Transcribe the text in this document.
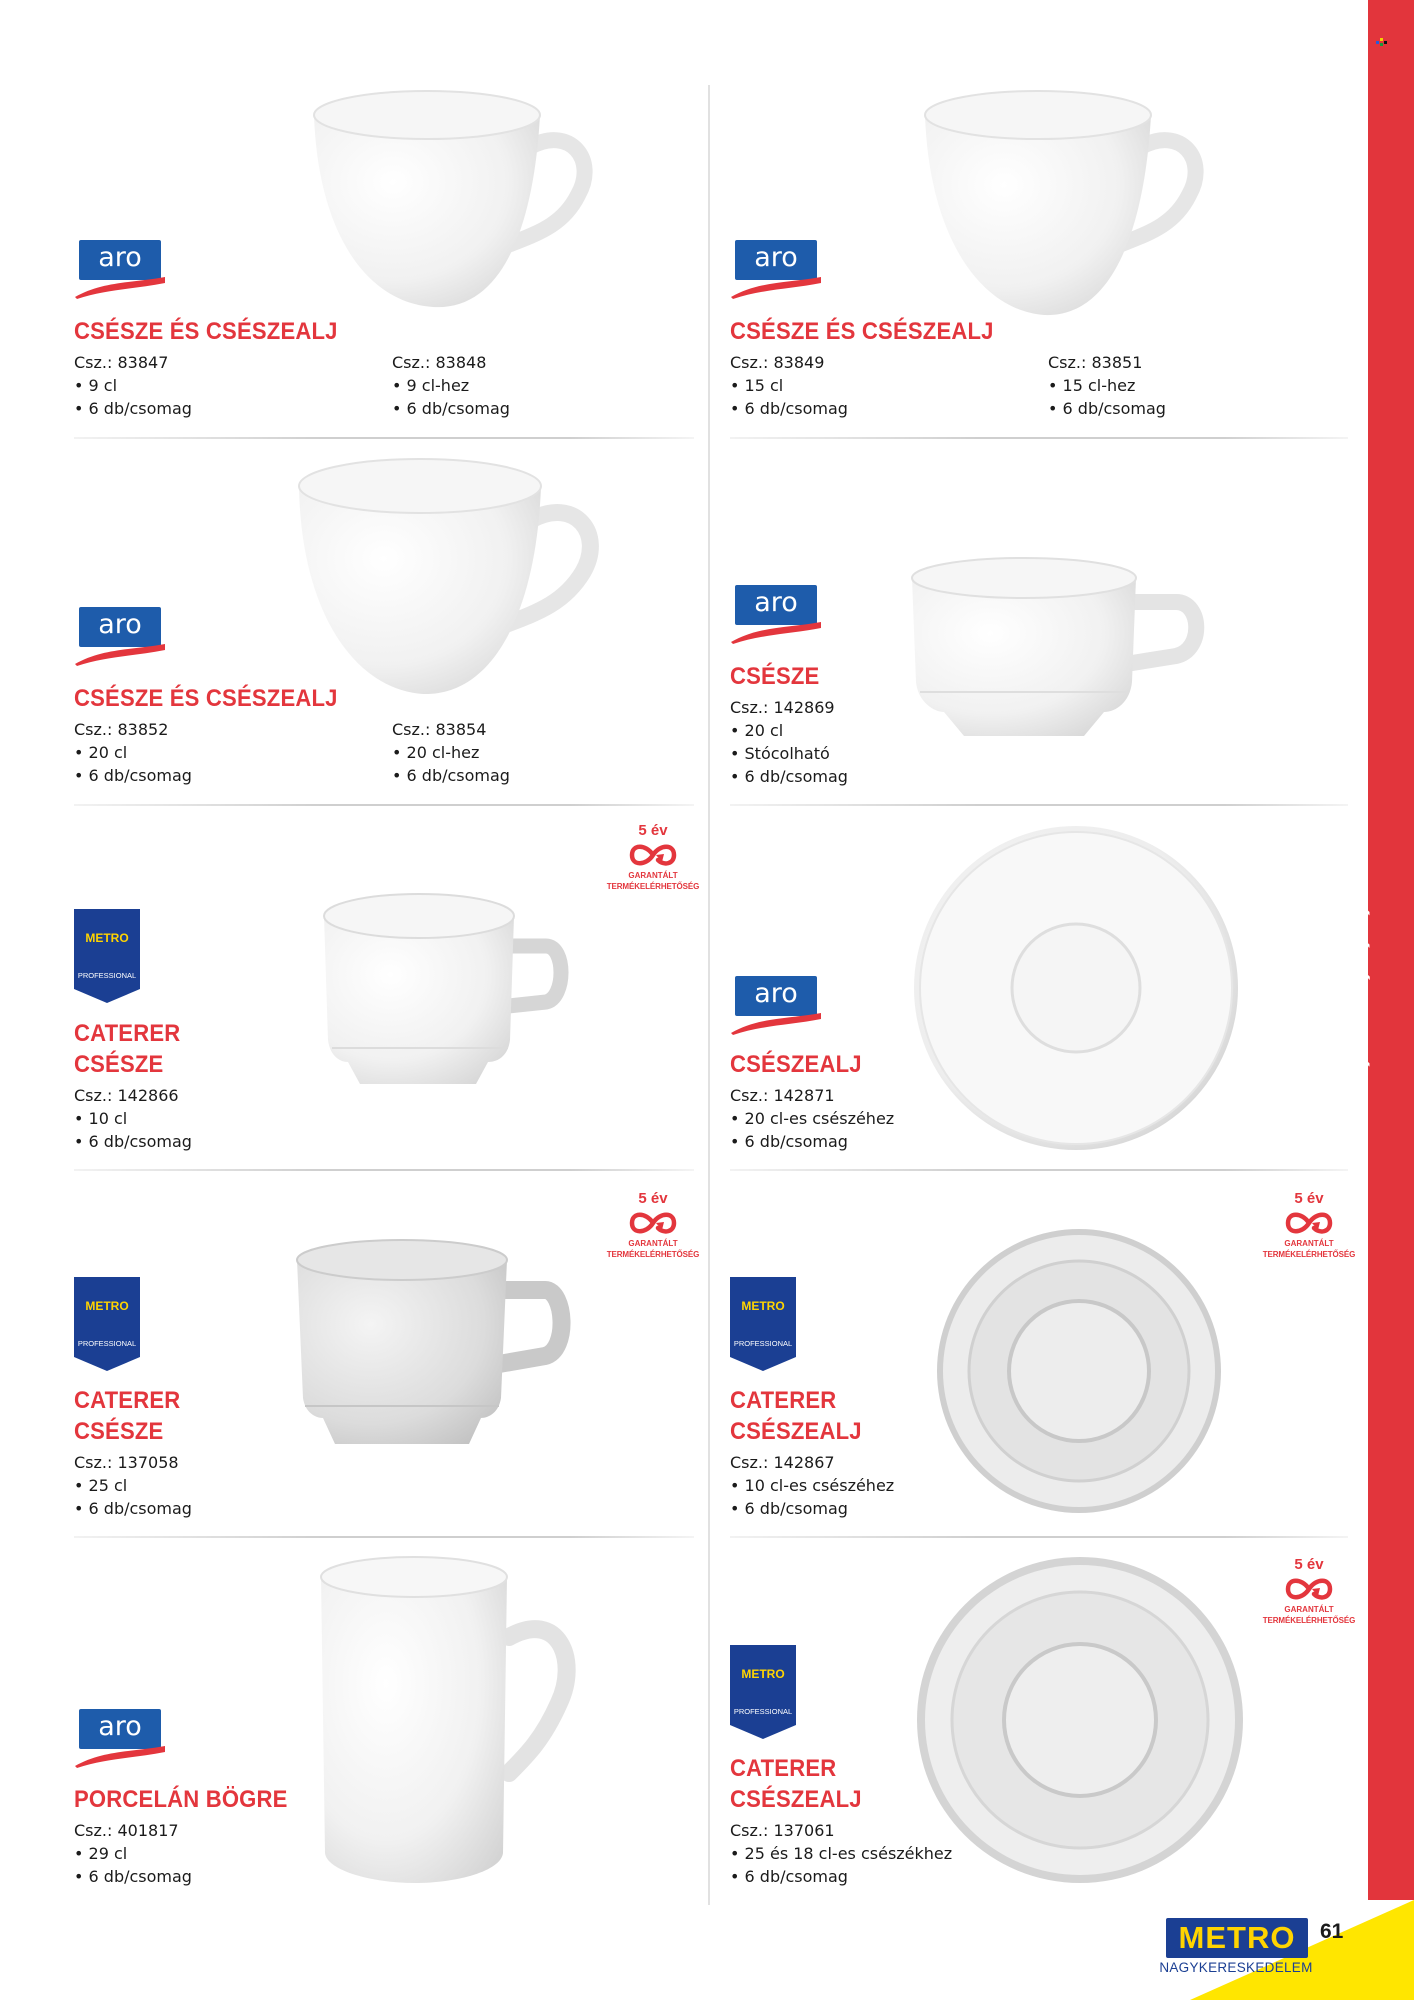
KÁVÉZÓ KELLÉKEKE
METRO
NAGYKERESKEDELEM
61
aro
CSÉSZE ÉS CSÉSZEALJ
Csz.: 83847
• 9 cl
• 6 db/csomag
Csz.: 83848
• 9 cl-hez
• 6 db/csomag
aro
CSÉSZE ÉS CSÉSZEALJ
Csz.: 83849
• 15 cl
• 6 db/csomag
Csz.: 83851
• 15 cl-hez
• 6 db/csomag
aro
CSÉSZE ÉS CSÉSZEALJ
Csz.: 83852
• 20 cl
• 6 db/csomag
Csz.: 83854
• 20 cl-hez
• 6 db/csomag
aro
CSÉSZE
Csz.: 142869
• 20 cl
• Stócolható
• 6 db/csomag
5 év
GARANTÁLT
TERMÉKELÉRHETŐSÉG
METRO
PROFESSIONAL
CATERER
CSÉSZE
Csz.: 142866
• 10 cl
• 6 db/csomag
aro
CSÉSZEALJ
Csz.: 142871
• 20 cl-es csészéhez
• 6 db/csomag
5 év
GARANTÁLT
TERMÉKELÉRHETŐSÉG
METRO
PROFESSIONAL
CATERER
CSÉSZE
Csz.: 137058
• 25 cl
• 6 db/csomag
5 év
GARANTÁLT
TERMÉKELÉRHETŐSÉG
METRO
PROFESSIONAL
CATERER
CSÉSZEALJ
Csz.: 142867
• 10 cl-es csészéhez
• 6 db/csomag
aro
PORCELÁN BÖGRE
Csz.: 401817
• 29 cl
• 6 db/csomag
5 év
GARANTÁLT
TERMÉKELÉRHETŐSÉG
METRO
PROFESSIONAL
CATERER
CSÉSZEALJ
Csz.: 137061
• 25 és 18 cl-es csészékhez
• 6 db/csomag
